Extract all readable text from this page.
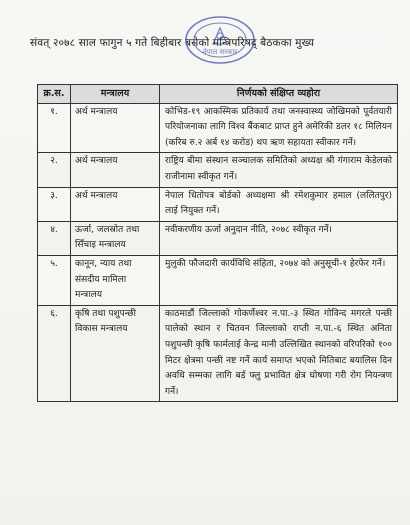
संवत् २०७८ साल फागुन ५ गते बिहीबार बसेको मन्त्रिपरिषद् बैठकका मुख्य
नेपाल सरकार
क्र.स.	मन्त्रालय	निर्णयको संक्षिप्त व्यहोरा
१.	अर्थ मन्त्रालय	कोभिड-१९ आकस्मिक प्रतिकार्य तथा जनस्वास्थ्य जोखिमको पूर्वतयारी परियोजनाका लागि विश्व बैंकबाट प्राप्त हुने अमेरिकी डलर १८ मिलियन (करिब रु.२ अर्ब १४ करोड) थप ऋण सहायता स्वीकार गर्ने।
२.	अर्थ मन्त्रालय	राष्ट्रिय बीमा संस्थान सञ्चालक समितिको अध्यक्ष श्री गंगाराम केडेलको राजीनामा स्वीकृत गर्ने।
३.	अर्थ मन्त्रालय	नेपाल धितोपत्र बोर्डको अध्यक्षमा श्री रमेशकुमार हमाल (ललितपुर) लाई नियुक्त गर्ने।
४.	ऊर्जा, जलस्रोत तथा सिँचाइ मन्त्रालय	नवीकरणीय ऊर्जा अनुदान नीति, २०७८ स्वीकृत गर्ने।
५.	कानून, न्याय तथा संसदीय मामिला मन्त्रालय	मुलुकी फौजदारी कार्यविधि संहिता, २०७४ को अनुसूची-१ हेरफेर गर्ने।
६.	कृषि तथा पशुपन्छी विकास मन्त्रालय	काठमाडौं जिल्लाको गोकर्णेश्वर न.पा.-३ स्थित गोविन्द मगरले पन्छी पालेको स्थान र चितवन जिल्लाको राप्ती न.पा.-६ स्थित अनिता पशुपन्छी कृषि फार्मलाई केन्द्र मानी उल्लिखित स्थानको वरिपरिको १०० मिटर क्षेत्रमा पन्छी नष्ट गर्ने कार्य समाप्त भएको मितिबाट बयालिस दिन अवधि सम्मका लागि बर्ड फ्लु प्रभावित क्षेत्र घोषणा गरी रोग नियन्त्रण गर्ने।
